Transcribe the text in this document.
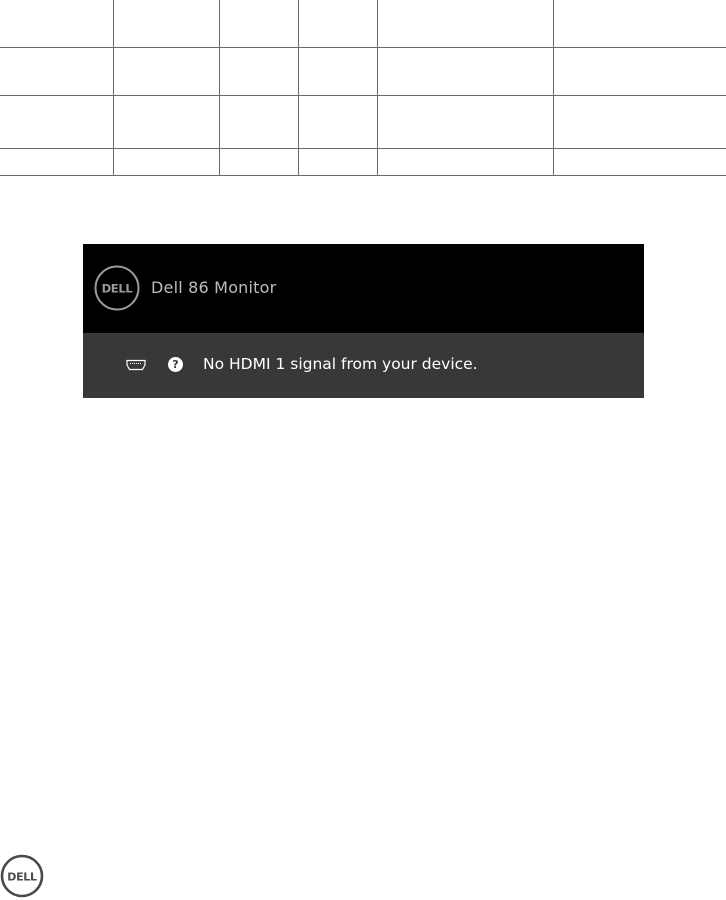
DELL Dell 86 Monitor
? No HDMI 1 signal from your device.
DELL
